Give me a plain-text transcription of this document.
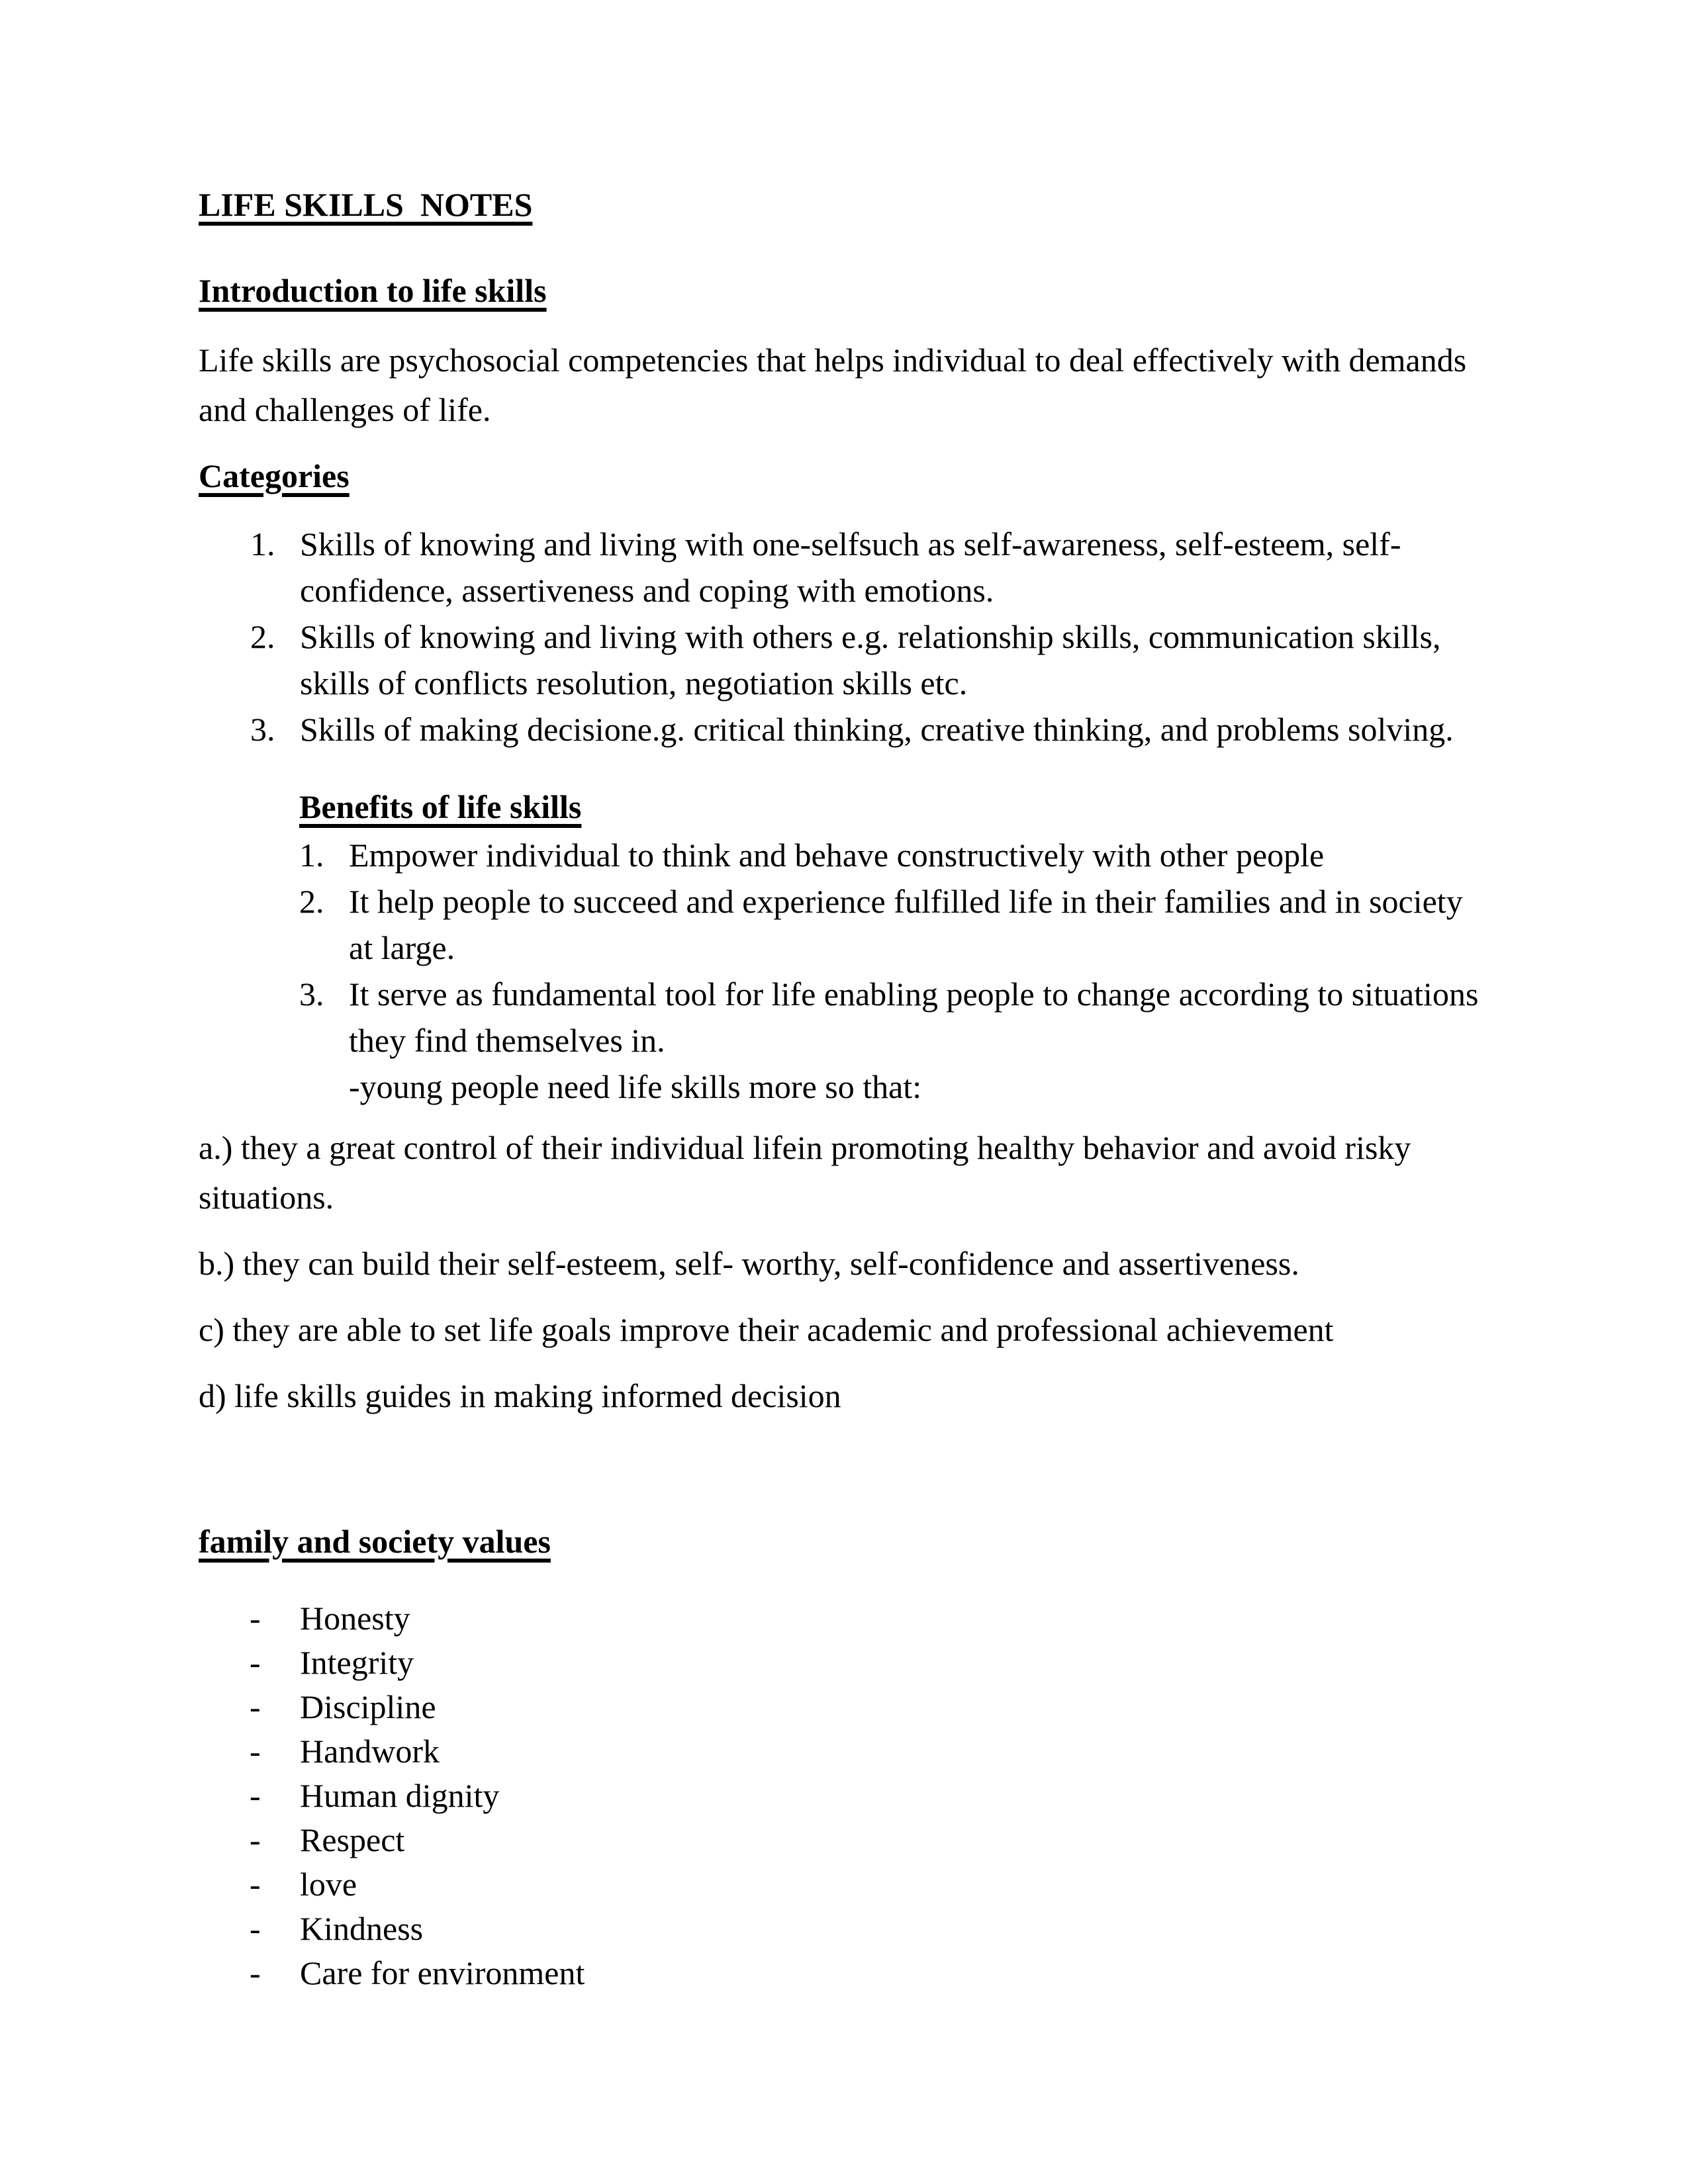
LIFE SKILLS  NOTES
Introduction to life skills

Life skills are psychosocial competencies that helps individual to deal effectively with demands and challenges of life.

Categories
Skills of knowing and living with one-selfsuch as self-awareness, self-esteem, self-confidence, assertiveness and coping with emotions.
Skills of knowing and living with others e.g. relationship skills, communication skills, skills of conflicts resolution, negotiation skills etc.
Skills of making decisione.g. critical thinking, creative thinking, and problems solving.
Benefits of life skills
Empower individual to think and behave constructively with other people
It help people to succeed and experience fulfilled life in their families and in society at large.
It serve as fundamental tool for life enabling people to change according to situations they find themselves in.
-young people need life skills more so that:

a.) they a great control of their individual lifein promoting healthy behavior and avoid risky situations.

b.) they can build their self-esteem, self- worthy, self-confidence and assertiveness.

c) they are able to set life goals improve their academic and professional achievement

d) life skills guides in making informed decision

family and society values
- Honesty
- Integrity
- Discipline
- Handwork
- Human dignity
- Respect
- love
- Kindness
- Care for environment
